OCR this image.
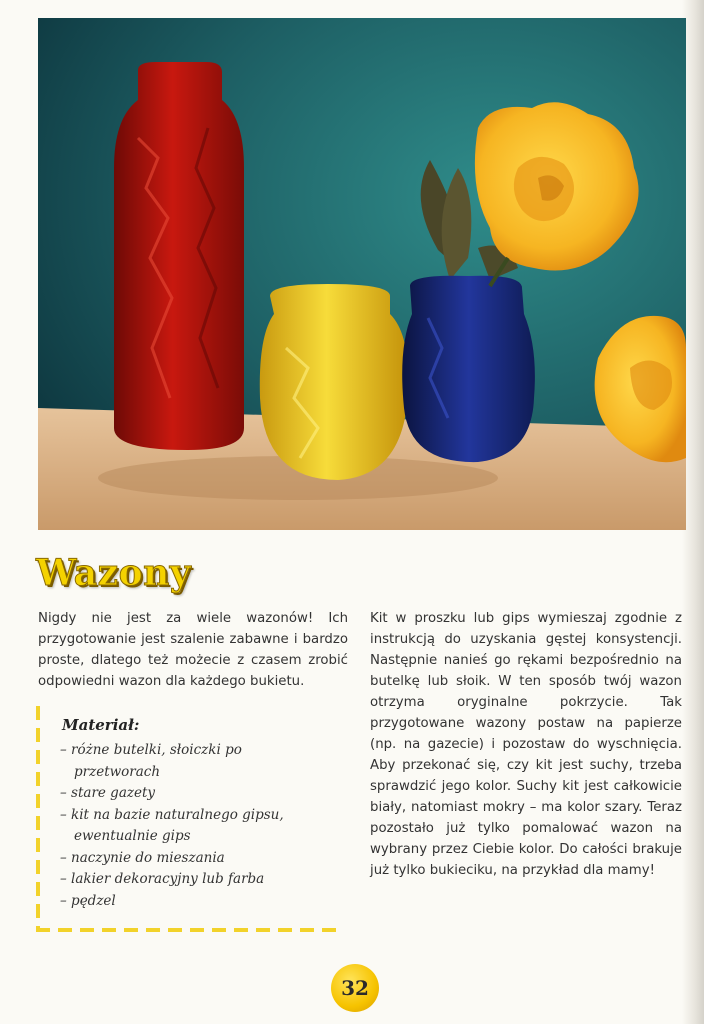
Wazony
Nigdy nie jest za wiele wazonów! Ich przygotowanie jest szalenie zabawne i bardzo proste, dlatego też możecie z czasem zrobić odpowiedni wazon dla każdego bukietu.
Materiał:
– różne butelki, słoiczki po przetworach
– stare gazety
– kit na bazie naturalnego gipsu, ewentualnie gips
– naczynie do mieszania
– lakier dekoracyjny lub farba
– pędzel
Kit w proszku lub gips wymieszaj zgodnie z instrukcją do uzyskania gęstej konsystencji. Następnie nanieś go rękami bezpośrednio na butelkę lub słoik. W ten sposób twój wazon otrzyma oryginalne pokrzycie. Tak przygotowane wazony postaw na papierze (np. na gazecie) i pozostaw do wyschnięcia. Aby przekonać się, czy kit jest suchy, trzeba sprawdzić jego kolor. Suchy kit jest całkowicie biały, natomiast mokry – ma kolor szary. Teraz pozostało już tylko pomalować wazon na wybrany przez Ciebie kolor. Do całości brakuje już tylko bukieciku, na przykład dla mamy!
32
